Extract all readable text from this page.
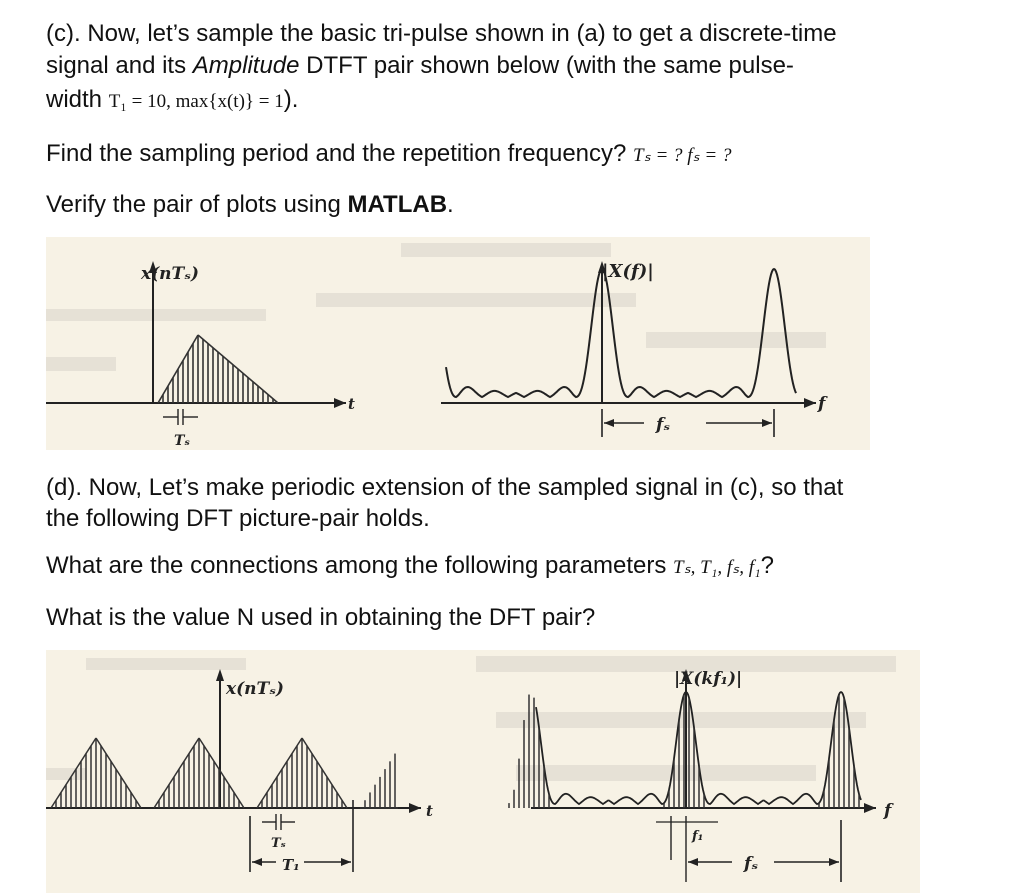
(c). Now, let’s sample the basic tri-pulse shown in (a) to get a discrete-time
signal and its Amplitude DTFT pair shown below (with the same pulse-
width T₁ = 10, max{x(t)} = 1).
Find the sampling period and the repetition frequency? Tₛ = ? fₛ = ?
Verify the pair of plots using MATLAB.
x(nTₛ)
t
Tₛ
|X(f)|
f
fₛ
(d). Now, Let’s make periodic extension of the sampled signal in (c), so that
the following DFT picture-pair holds.
What are the connections among the following parameters Tₛ, T₁, fₛ, f₁?
What is the value N used in obtaining the DFT pair?
x(nTₛ)
t
Tₛ
T₁
|X(kf₁)|
f
f₁
fₛ
